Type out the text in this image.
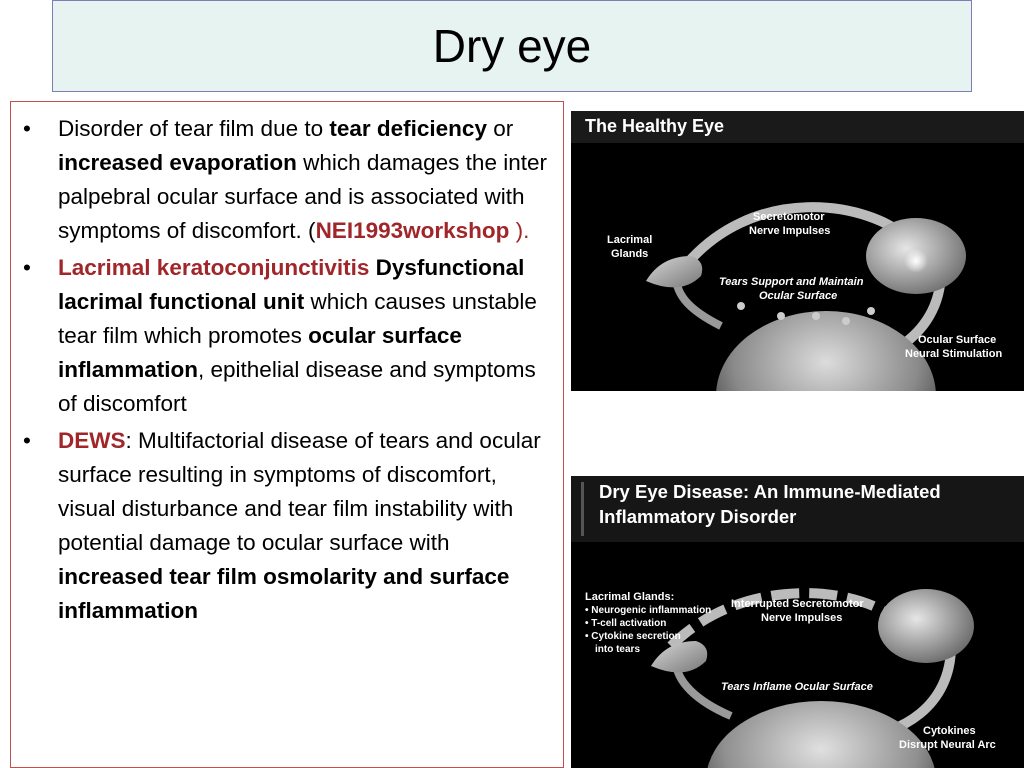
Dry eye
• Disorder of tear film due to tear deficiency or increased evaporation which damages the inter palpebral ocular surface and is associated with symptoms of discomfort. (NEI1993workshop ).
• Lacrimal keratoconjunctivitis Dysfunctional lacrimal functional unit which causes unstable tear film which promotes ocular surface inflammation, epithelial disease and symptoms of discomfort
• DEWS: Multifactorial disease of tears and ocular surface resulting in symptoms of discomfort, visual disturbance and tear film instability with potential damage to ocular surface with increased tear film osmolarity and surface inflammation
The Healthy Eye
Lacrimal
Glands
Secretomotor
Nerve Impulses
Tears Support and Maintain
Ocular Surface
Ocular Surface
Neural Stimulation
Dry Eye Disease: An Immune-Mediated
Inflammatory Disorder
Lacrimal Glands:
• Neurogenic inflammation
• T-cell activation
• Cytokine secretion
into tears
Interrupted Secretomotor
Nerve Impulses
Tears Inflame Ocular Surface
Cytokines
Disrupt Neural Arc
